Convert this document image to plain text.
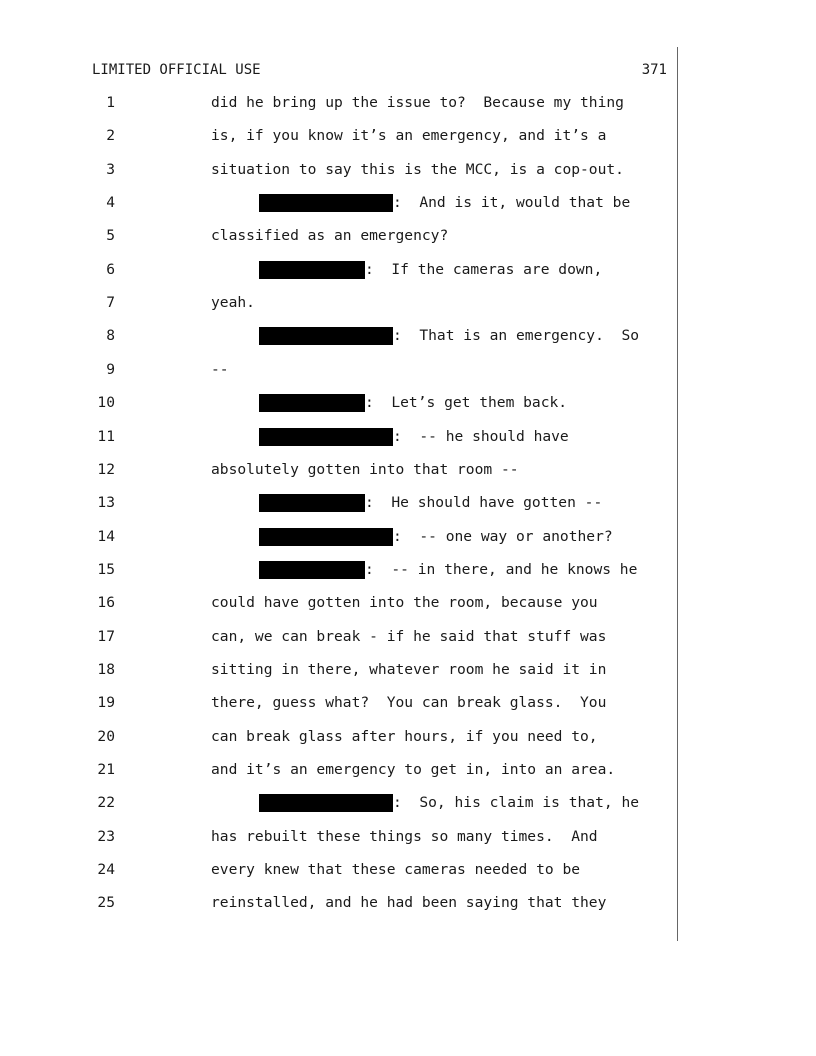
LIMITED OFFICIAL USE	371
1	did he bring up the issue to?  Because my thing
2	is, if you know it’s an emergency, and it’s a
3	situation to say this is the MCC, is a cop-out.
4	:  And is it, would that be
5	classified as an emergency?
6	:  If the cameras are down,
7	yeah.
8	:  That is an emergency.  So
9	--
10	:  Let’s get them back.
11	:  -- he should have
12	absolutely gotten into that room --
13	:  He should have gotten --
14	:  -- one way or another?
15	:  -- in there, and he knows he
16	could have gotten into the room, because you
17	can, we can break - if he said that stuff was
18	sitting in there, whatever room he said it in
19	there, guess what?  You can break glass.  You
20	can break glass after hours, if you need to,
21	and it’s an emergency to get in, into an area.
22	:  So, his claim is that, he
23	has rebuilt these things so many times.  And
24	every knew that these cameras needed to be
25	reinstalled, and he had been saying that they
